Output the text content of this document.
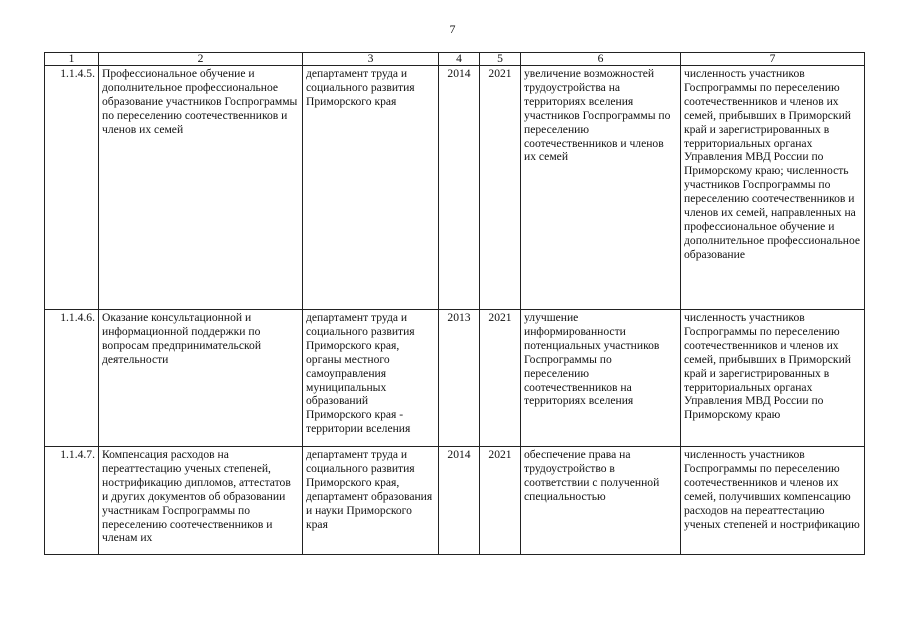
7
1	2	3	4	5	6	7
1.1.4.5.	Профессиональное обучение и дополнительное профессиональное образование участников Госпрограммы по переселению соотечественников и членов их семей	департамент труда и социального развития Приморского края	2014	2021	увеличение возможностей трудоустройства на территориях вселения участников Госпрограммы по переселению соотечественников и членов их семей	численность участников Госпрограммы по переселению соотечественников и членов их семей, прибывших в Приморский край и зарегистрированных в территориальных органах Управления МВД России по Приморскому краю; численность участников Госпрограммы по переселению соотечественников и членов их семей, направленных на профессиональное обучение и дополнительное профессиональное образование
1.1.4.6.	Оказание консультационной и информационной поддержки по вопросам предпринимательской деятельности	департамент труда и социального развития Приморского края, органы местного самоуправления муниципальных образований Приморского края - территории вселения	2013	2021	улучшение информированности потенциальных участников Госпрограммы по переселению соотечественников на территориях вселения	численность участников Госпрограммы по переселению соотечественников и членов их семей, прибывших в Приморский край и зарегистрированных в территориальных органах Управления МВД России по Приморскому краю
1.1.4.7.	Компенсация расходов на переаттестацию ученых степеней, нострификацию дипломов, аттестатов и других документов об образовании участникам Госпрограммы по переселению соотечественников и членам их	департамент труда и социального развития Приморского края, департамент образования и науки Приморского края	2014	2021	обеспечение права на трудоустройство в соответствии с полученной специальностью	численность участников Госпрограммы по переселению соотечественников и членов их семей, получивших компенсацию расходов на переаттестацию ученых степеней и нострификацию
